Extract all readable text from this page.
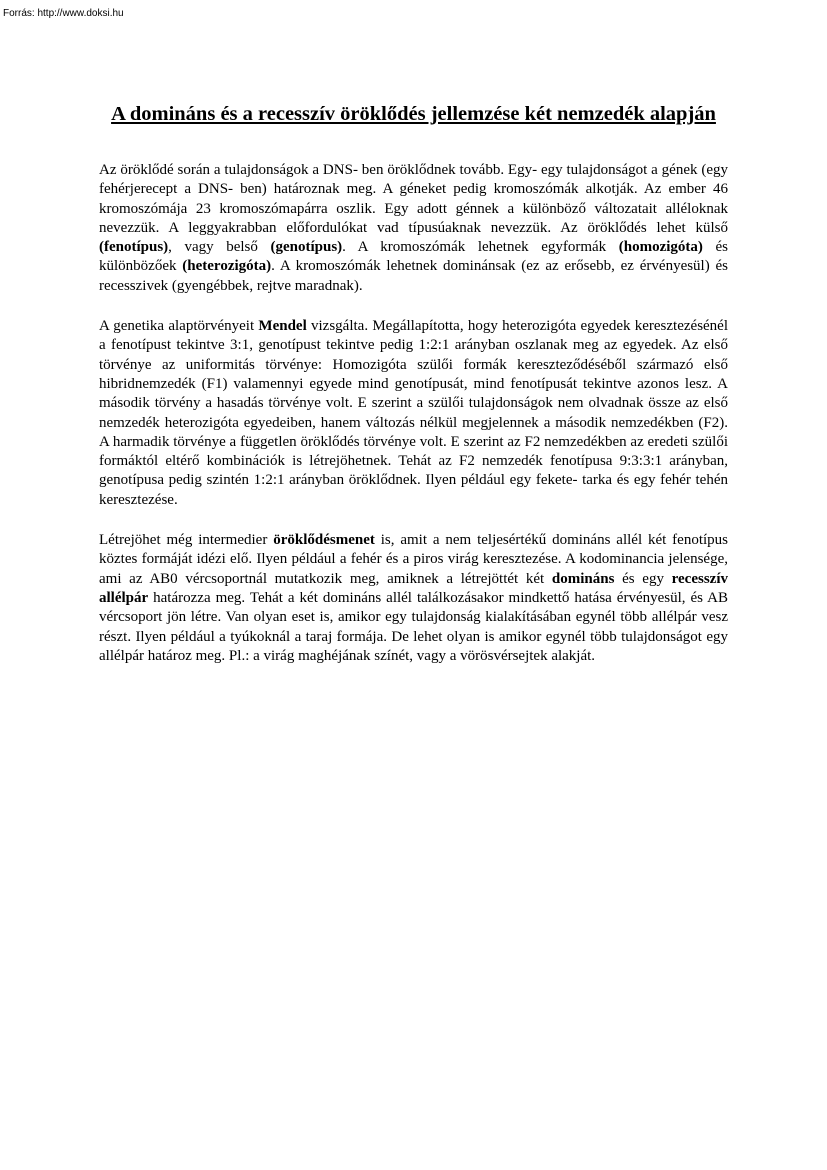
Forrás: http://www.doksi.hu
A domináns és a recesszív öröklődés jellemzése két nemzedék alapján

Az öröklődé során a tulajdonságok a DNS- ben öröklődnek tovább. Egy- egy tulajdonságot a gének (egy fehérjerecept a DNS- ben) határoznak meg. A géneket pedig kromoszómák alkotják. Az ember 46 kromoszómája 23 kromoszómapárra oszlik. Egy adott génnek a különböző változatait alléloknak nevezzük. A leggyakrabban előfordulókat vad típusúaknak nevezzük. Az öröklődés lehet külső (fenotípus), vagy belső (genotípus). A kromoszómák lehetnek egyformák (homozigóta) és különbözőek (heterozigóta). A kromoszómák lehetnek dominánsak (ez az erősebb, ez érvényesül) és recesszivek (gyengébbek, rejtve maradnak).

A genetika alaptörvényeit Mendel vizsgálta. Megállapította, hogy heterozigóta egyedek keresztezésénél a fenotípust tekintve 3:1, genotípust tekintve pedig 1:2:1 arányban oszlanak meg az egyedek. Az első törvénye az uniformitás törvénye: Homozigóta szülői formák kereszteződéséből származó első hibridnemzedék (F1) valamennyi egyede mind genotípusát, mind fenotípusát tekintve azonos lesz. A második törvény a hasadás törvénye volt. E szerint a szülői tulajdonságok nem olvadnak össze az első nemzedék heterozigóta egyedeiben, hanem változás nélkül megjelennek a második nemzedékben (F2). A harmadik törvénye a független öröklődés törvénye volt. E szerint az F2 nemzedékben az eredeti szülői formáktól eltérő kombinációk is létrejöhetnek. Tehát az F2 nemzedék fenotípusa 9:3:3:1 arányban, genotípusa pedig szintén 1:2:1 arányban öröklődnek. Ilyen például egy fekete- tarka és egy fehér tehén keresztezése.

Létrejöhet még intermedier öröklődésmenet is, amit a nem teljesértékű domináns allél két fenotípus köztes formáját idézi elő. Ilyen például a fehér és a piros virág keresztezése. A kodominancia jelensége, ami az AB0 vércsoportnál mutatkozik meg, amiknek a létrejöttét két domináns és egy recesszív allélpár határozza meg. Tehát a két domináns allél találkozásakor mindkettő hatása érvényesül, és AB vércsoport jön létre. Van olyan eset is, amikor egy tulajdonság kialakításában egynél több allélpár vesz részt. Ilyen például a tyúkoknál a taraj formája. De lehet olyan is amikor egynél több tulajdonságot egy allélpár határoz meg. Pl.: a virág maghéjának színét, vagy a vörösvérsejtek alakját.
